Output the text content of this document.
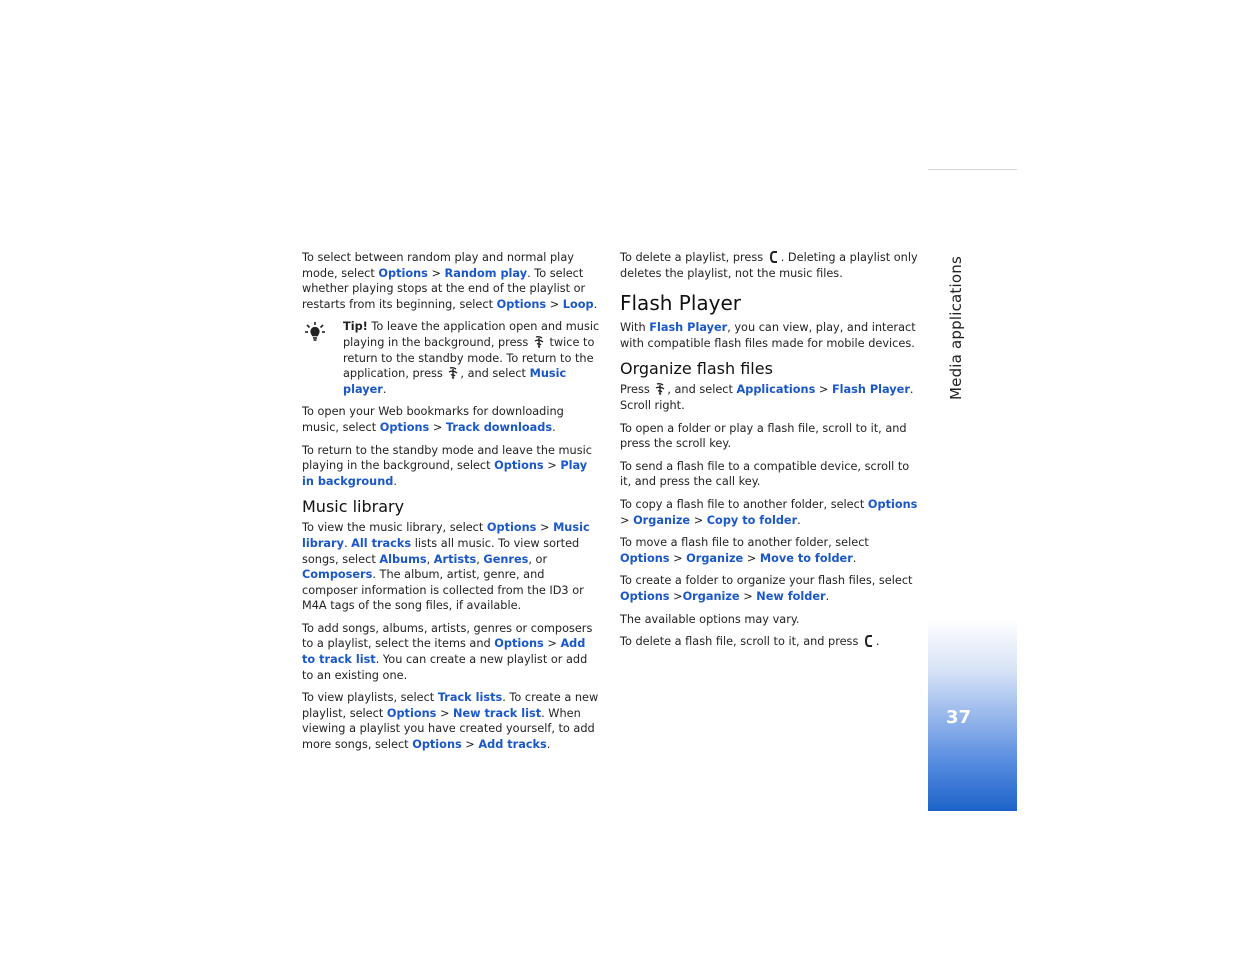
To select between random play and normal play mode, select Options > Random play. To select whether playing stops at the end of the playlist or restarts from its beginning, select Options > Loop.

Tip! To leave the application open and music playing in the background, press  twice to return to the standby mode. To return to the application, press , and select Music player.

To open your Web bookmarks for downloading music, select Options > Track downloads.

To return to the standby mode and leave the music playing in the background, select Options > Play in background.

Music library

To view the music library, select Options > Music library. All tracks lists all music. To view sorted songs, select Albums, Artists, Genres, or Composers. The album, artist, genre, and composer information is collected from the ID3 or M4A tags of the song files, if available.

To add songs, albums, artists, genres or composers to a playlist, select the items and Options > Add to track list. You can create a new playlist or add to an existing one.

To view playlists, select Track lists. To create a new playlist, select Options > New track list. When viewing a playlist you have created yourself, to add more songs, select Options > Add tracks.

To delete a playlist, press . Deleting a playlist only deletes the playlist, not the music files.

Flash Player

With Flash Player, you can view, play, and interact with compatible flash files made for mobile devices.

Organize flash files

Press , and select Applications > Flash Player.
Scroll right.

To open a folder or play a flash file, scroll to it, and press the scroll key.

To send a flash file to a compatible device, scroll to it, and press the call key.

To copy a flash file to another folder, select Options > Organize > Copy to folder.

To move a flash file to another folder, select Options > Organize > Move to folder.

To create a folder to organize your flash files, select Options >Organize > New folder.

The available options may vary.

To delete a flash file, scroll to it, and press .

Media applications
37
